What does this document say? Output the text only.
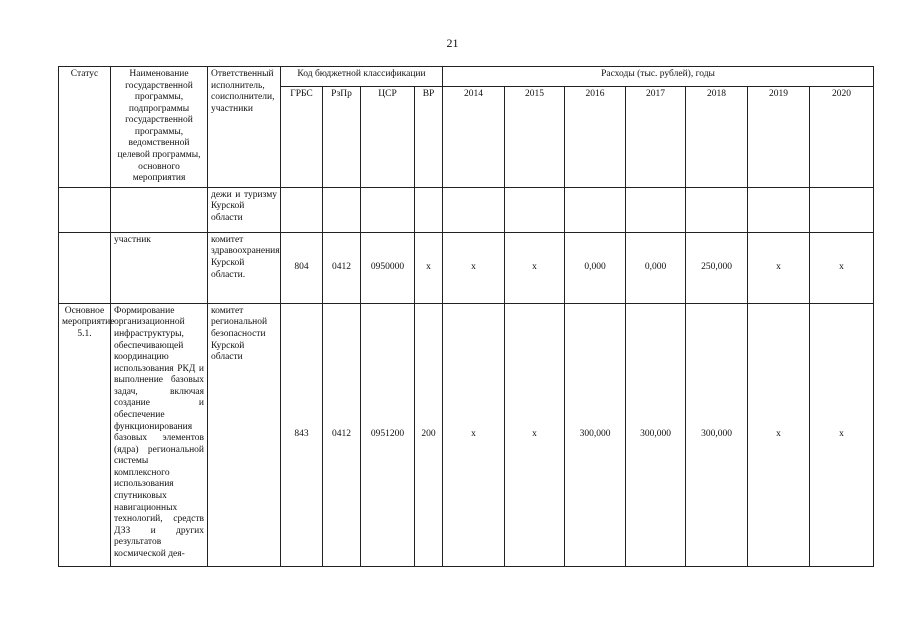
21
Статус	Наименование государственной программы, подпрограммы государственной программы, ведомственной целевой программы, основного мероприятия	Ответственный исполнитель, соисполнители, участники	Код бюджетной классификации				Расходы (тыс. рублей), годы						
			ГРБС	РзПр	ЦСР	ВР	2014	2015	2016	2017	2018	2019	2020
		дежи и туризму Курской области											
	участник	комитет здравоохранения Курской области.	804	0412	0950000	х	х	х	0,000	0,000	250,000	х	х
Основное мероприятие 5.1.	Формирование организационной инфраструктуры, обеспечивающей координацию использования РКД и выполнение базовых задач, включая создание и обеспечение функционирования базовых элементов (ядра) региональной системы комплексного использования спутниковых навигационных технологий, средств ДЗЗ и других результатов космической дея-	комитет региональной безопасности Курской области	843	0412	0951200	200	х	х	300,000	300,000	300,000	х	х
